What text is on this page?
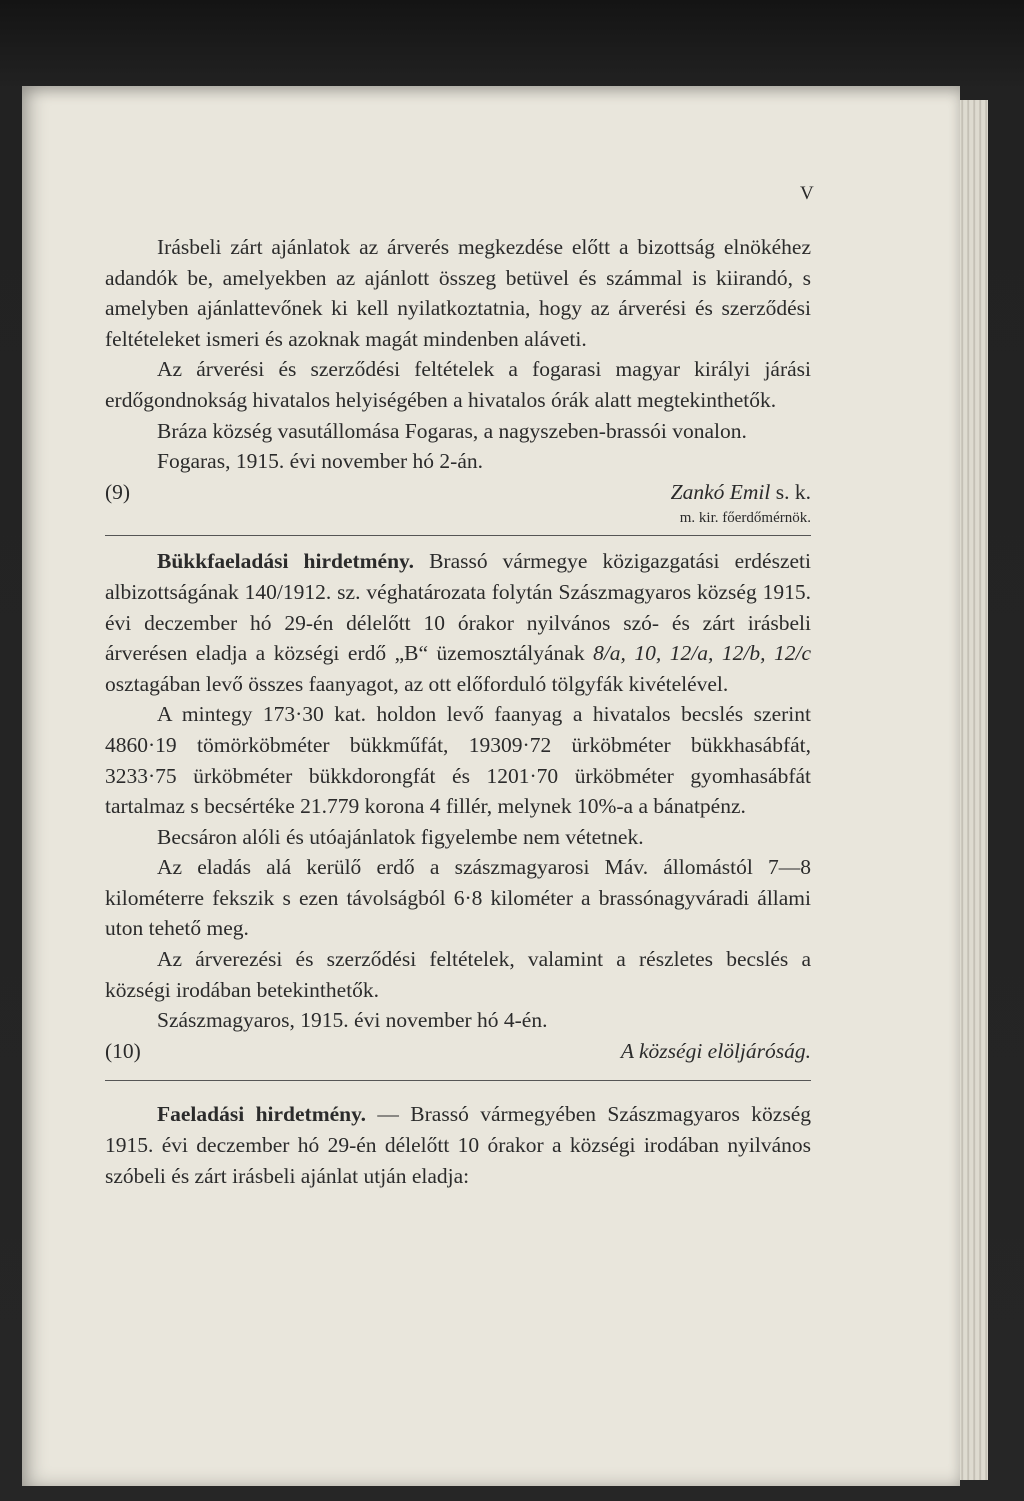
V

Irásbeli zárt ajánlatok az árverés megkezdése előtt a bizottság elnökéhez adandók be, amelyekben az ajánlott összeg betüvel és számmal is kiirandó, s amelyben ajánlattevőnek ki kell nyilatkoztatnia, hogy az árverési és szerződési feltételeket ismeri és azoknak magát mindenben aláveti.

Az árverési és szerződési feltételek a fogarasi magyar királyi járási erdőgondnokság hivatalos helyiségében a hivatalos órák alatt megtekinthetők.

Bráza község vasutállomása Fogaras, a nagyszeben-brassói vonalon.

Fogaras, 1915. évi november hó 2-án.

(9)	Zankó Emil s. k.
m. kir. főerdőmérnök.

Bükkfaeladási hirdetmény. Brassó vármegye közigazgatási erdészeti albizottságának 140/1912. sz. véghatározata folytán Szászmagyaros község 1915. évi deczember hó 29-én délelőtt 10 órakor nyilvános szó- és zárt irásbeli árverésen eladja a községi erdő „B“ üzemosztályának 8/a, 10, 12/a, 12/b, 12/c osztagában levő összes faanyagot, az ott előforduló tölgyfák kivételével.

A mintegy 173·30 kat. holdon levő faanyag a hivatalos becslés szerint 4860·19 tömörköbméter bükkműfát, 19309·72 ürköbméter bükkhasábfát, 3233·75 ürköbméter bükkdorongfát és 1201·70 ürköbméter gyomhasábfát tartalmaz s becsértéke 21.779 korona 4 fillér, melynek 10%-a a bánatpénz.

Becsáron alóli és utóajánlatok figyelembe nem vétetnek.

Az eladás alá kerülő erdő a szászmagyarosi Máv. állomástól 7—8 kilométerre fekszik s ezen távolságból 6·8 kilométer a brassónagyváradi állami uton tehető meg.

Az árverezési és szerződési feltételek, valamint a részletes becslés a községi irodában betekinthetők.

Szászmagyaros, 1915. évi november hó 4-én.

(10)	A községi elöljáróság.

Faeladási hirdetmény. — Brassó vármegyében Szászmagyaros község 1915. évi deczember hó 29-én délelőtt 10 órakor a községi irodában nyilvános szóbeli és zárt irásbeli ajánlat utján eladja:
